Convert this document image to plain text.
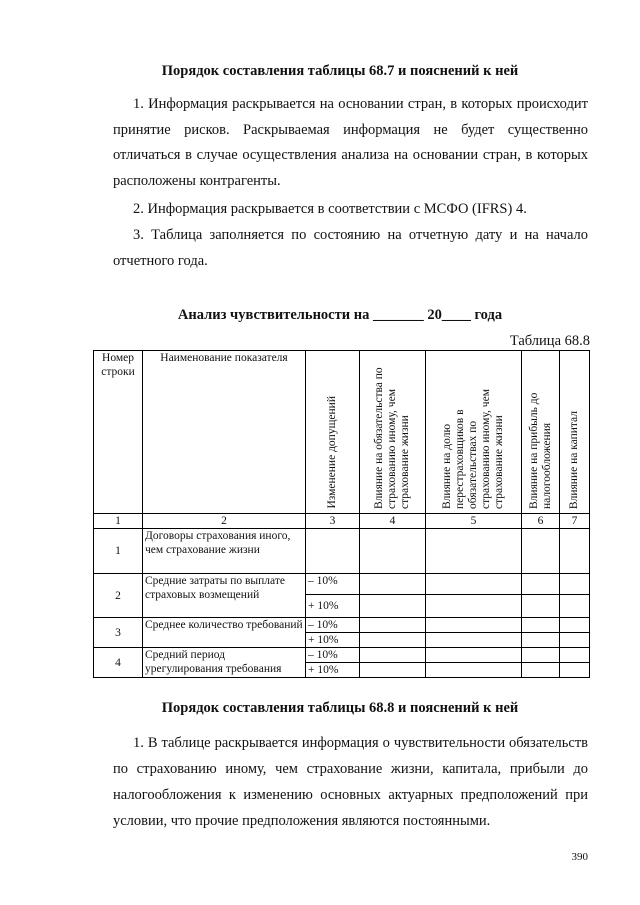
Порядок составления таблицы 68.7 и пояснений к ней

1. Информация раскрывается на основании стран, в которых происходит принятие рисков. Раскрываемая информация не будет существенно отличаться в случае осуществления анализа на основании стран, в которых расположены контрагенты.

2. Информация раскрывается в соответствии с МСФО (IFRS) 4.

3. Таблица заполняется по состоянию на отчетную дату и на начало отчетного года.

Анализ чувствительности на _______ 20____ года
Таблица 68.8
Номер строки	Наименование показателя	Изменение допущений	Влияние на обязательства по страхованию иному, чем страхование жизни	Влияние на долю перестраховщиков в обязательствах по страхованию иному, чем страхование жизни	Влияние на прибыль до налогообложения	Влияние на капитал

1	2	3	4	5	6	7
1	Договоры страхования иного, чем страхование жизни					
2	Средние затраты по выплате страховых возмещений	– 10%				
		+ 10%				
3	Среднее количество требований	– 10%				
		+ 10%				
4	Средний период урегулирования требования	– 10%				
		+ 10%				

Порядок составления таблицы 68.8 и пояснений к ней

1. В таблице раскрывается информация о чувствительности обязательств по страхованию иному, чем страхование жизни, капитала, прибыли до налогообложения к изменению основных актуарных предположений при условии, что прочие предположения являются постоянными.

390
